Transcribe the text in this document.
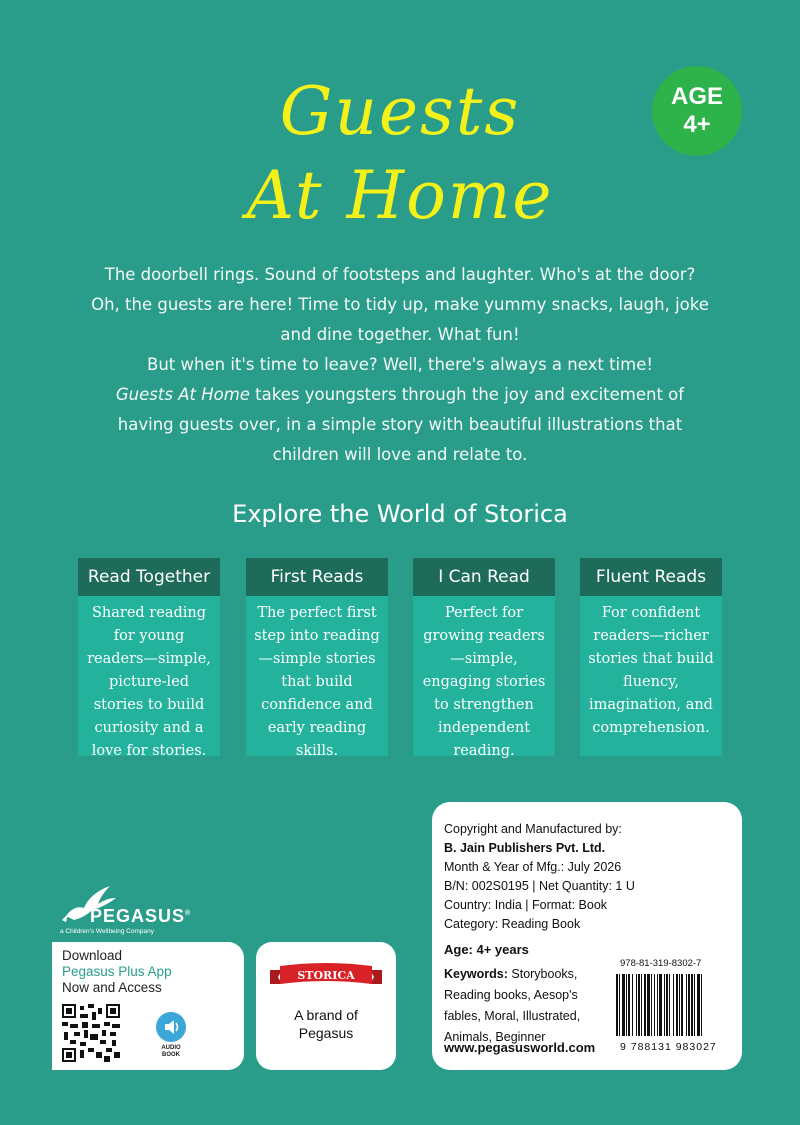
AGE
4+
Guests
At Home

The doorbell rings. Sound of footsteps and laughter. Who's at the door? Oh, the guests are here! Time to tidy up, make yummy snacks, laugh, joke and dine together. What fun!

But when it's time to leave? Well, there's always a next time!

Guests At Home takes youngsters through the joy and excitement of having guests over, in a simple story with beautiful illustrations that children will love and relate to.

Explore the World of Storica
Read Together
Shared reading for young readers—simple, picture-led stories to build curiosity and a love for stories.
First Reads
The perfect first step into reading—simple stories that build confidence and early reading skills.
I Can Read
Perfect for growing readers—simple, engaging stories to strengthen independent reading.
Fluent Reads
For confident readers—richer stories that build fluency, imagination, and comprehension.
Copyright and Manufactured by:
B. Jain Publishers Pvt. Ltd.
Month & Year of Mfg.: July 2026
B/N: 002S0195 | Net Quantity: 1 U
Country: India | Format: Book
Category: Reading Book
Age: 4+ years
Keywords: Storybooks, Reading books, Aesop's fables, Moral, Illustrated, Animals, Beginner
www.pegasusworld.com
978-81-319-8302-7
9 788131 983027
PEGASUS®
a Children's Wellbeing Company
Download
Pegasus Plus App
Now and Access
AUDIO
BOOK
STORICA
A brand of
Pegasus
